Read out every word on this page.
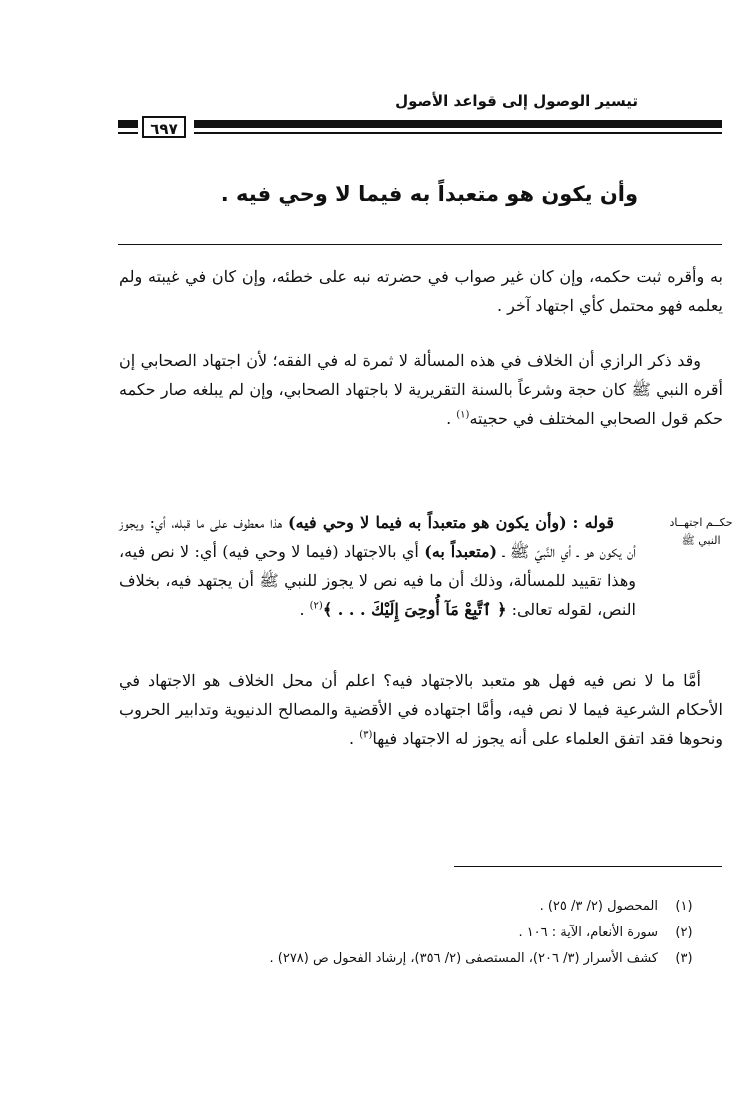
تيسير الوصول إلى قواعد الأصول
٦٩٧
وأن يكون هو متعبداً به فيما لا وحي فيه .
به وأقره ثبت حكمه، وإن كان غير صواب في حضرته نبه على خطئه، وإن كان في غيبته ولم يعلمه فهو محتمل كأي اجتهاد آخر .
وقد ذكر الرازي أن الخلاف في هذه المسألة لا ثمرة له في الفقه؛ لأن اجتهاد الصحابي إن أقره النبي ﷺ كان حجة وشرعاً بالسنة التقريرية لا باجتهاد الصحابي، وإن لم يبلغه صار حكمه حكم قول الصحابي المختلف في حجيته$^{(١)}$ .
قوله : (وأن يكون هو متعبداً به فيما لا وحي فيه) هذا معطوف على ما قبله، أي: ويجوز أن يكون هو ـ أي النَّبيّ ﷺ ـ (متعبداً به) أي بالاجتهاد (فيما لا وحي فيه) أي: لا نص فيه، وهذا تقييد للمسألة، وذلك أن ما فيه نص لا يجوز للنبي ﷺ أن يجتهد فيه، بخلاف النص، لقوله تعالى: ﴿ ٱتَّبِعْ مَآ أُوحِىَ إِلَيْكَ . . . ﴾$^{(٢)}$ .
حكــم اجتهــاد
النبي ﷺ
أمَّا ما لا نص فيه فهل هو متعبد بالاجتهاد فيه؟ اعلم أن محل الخلاف هو الاجتهاد في الأحكام الشرعية فيما لا نص فيه، وأمَّا اجتهاده في الأقضية والمصالح الدنيوية وتدابير الحروب ونحوها فقد اتفق العلماء على أنه يجوز له الاجتهاد فيها$^{(٣)}$ .
(١)
المحصول (٢/ ٣/ ٢٥) .
(٢)
سورة الأنعام، الآية : ١٠٦ .
(٣)
كشف الأسرار (٣/ ٢٠٦)، المستصفى (٢/ ٣٥٦)، إرشاد الفحول ص (٢٧٨) .
